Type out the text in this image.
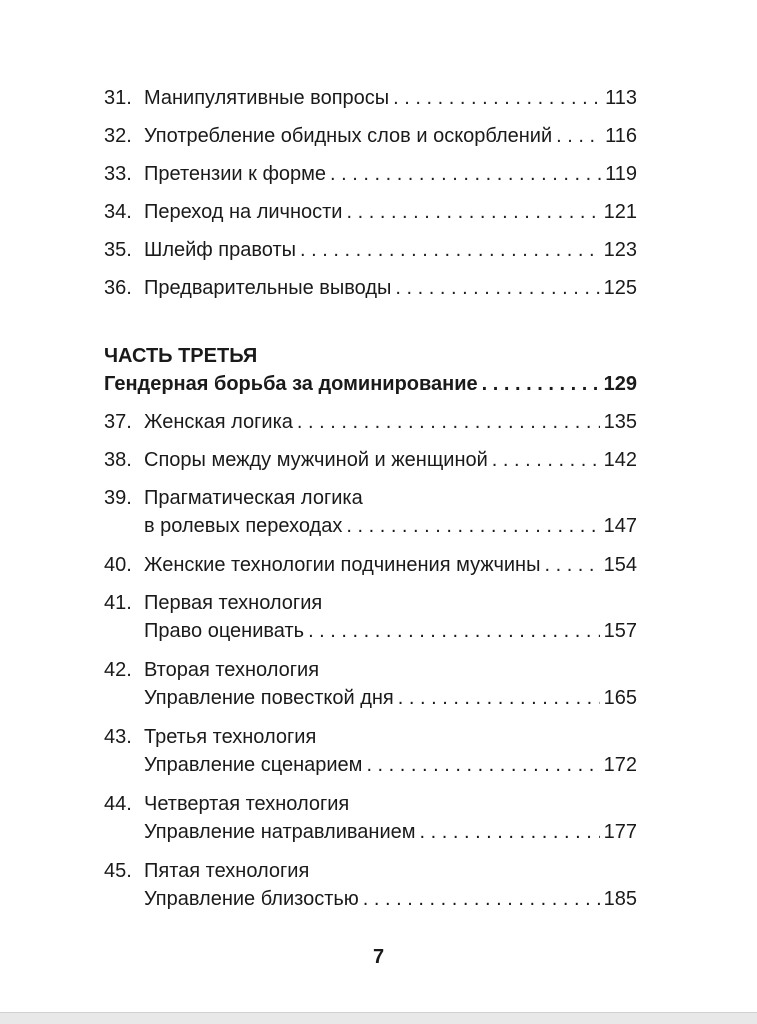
31. Манипулятивные вопросы . . .	113
32. Употребление обидных слов и оскорблений . . .	116
33. Претензии к форме . . .	119
34. Переход на личности . . .	121
35. Шлейф правоты . . .	123
36. Предварительные выводы . . .	125
ЧАСТЬ ТРЕТЬЯ
Гендерная борьба за доминирование . . .	129
37. Женская логика . . .	135
38. Споры между мужчиной и женщиной . . .	142
39. Прагматическая логика
в ролевых переходах . . .	147
40. Женские технологии подчинения мужчины . . .	154
41. Первая технология
Право оценивать . . .	157
42. Вторая технология
Управление повесткой дня . . .	165
43. Третья технология
Управление сценарием . . .	172
44. Четвертая технология
Управление натравливанием . . .	177
45. Пятая технология
Управление близостью . . .	185
7
